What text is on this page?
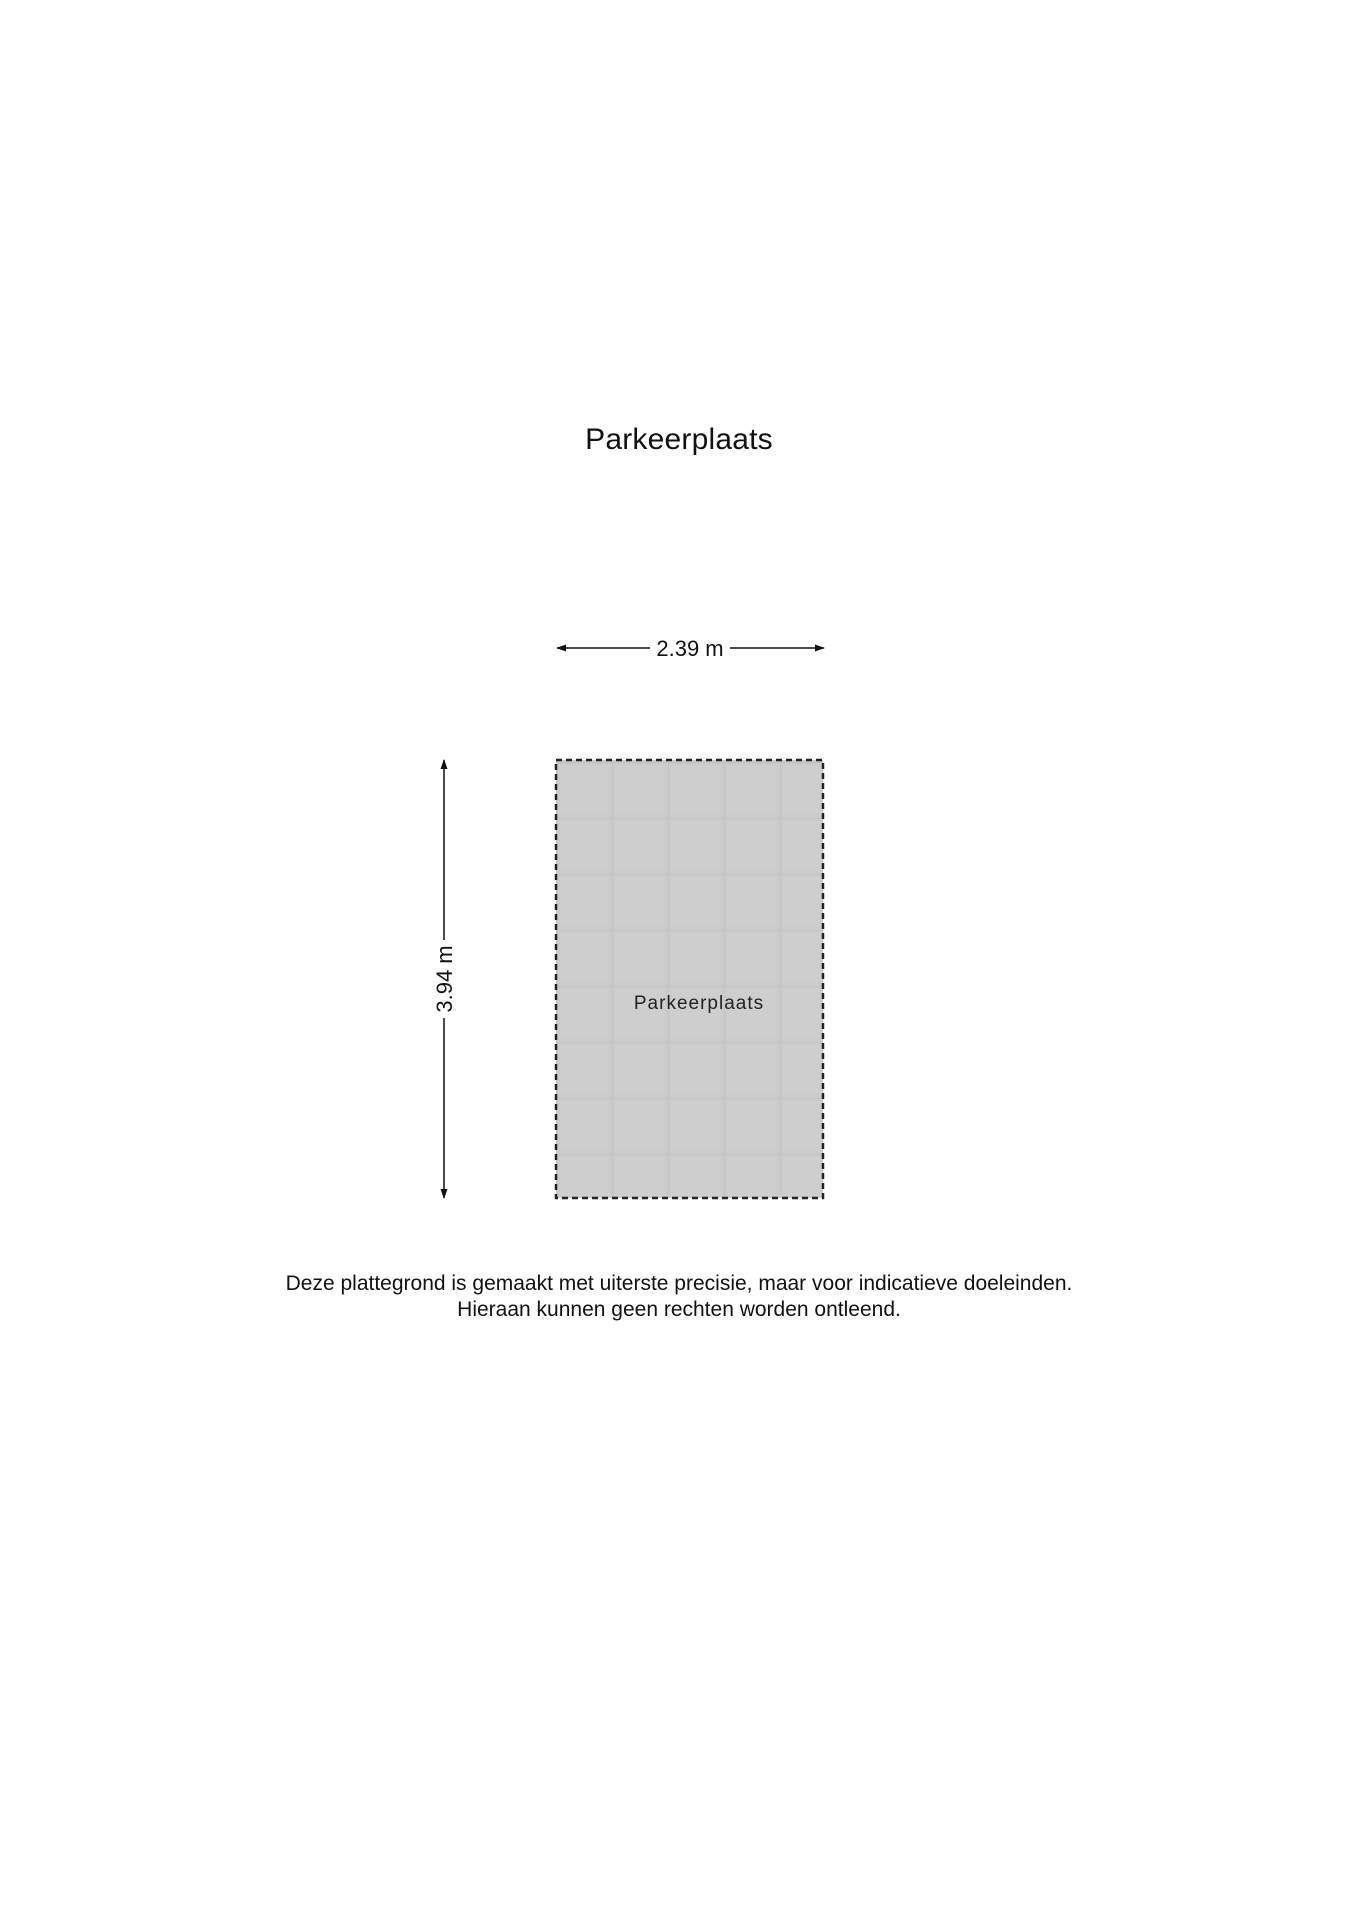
Parkeerplaats
2.39 m
3.94 m	Parkeerplaats
Deze plattegrond is gemaakt met uiterste precisie, maar voor indicatieve doeleinden.
Hieraan kunnen geen rechten worden ontleend.
